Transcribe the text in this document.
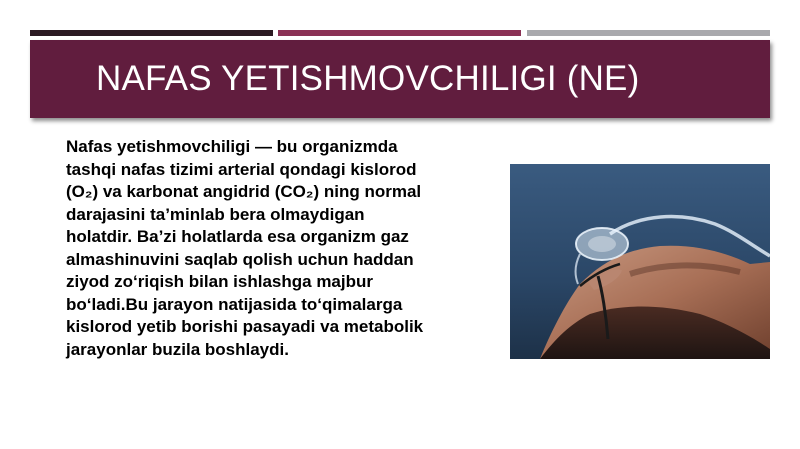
NAFAS YETISHMOVCHILIGI (NE)

Nafas yetishmovchiligi — bu organizmda
tashqi nafas tizimi arterial qondagi kislorod
(O₂) va karbonat angidrid (CO₂) ning normal
darajasini ta’minlab bera olmaydigan
holatdir. Ba’zi holatlarda esa organizm gaz
almashinuvini saqlab qolish uchun haddan
ziyod zo‘riqish bilan ishlashga majbur
bo‘ladi.Bu jarayon natijasida to‘qimalarga
kislorod yetib borishi pasayadi va metabolik
jarayonlar buzila boshlaydi.
